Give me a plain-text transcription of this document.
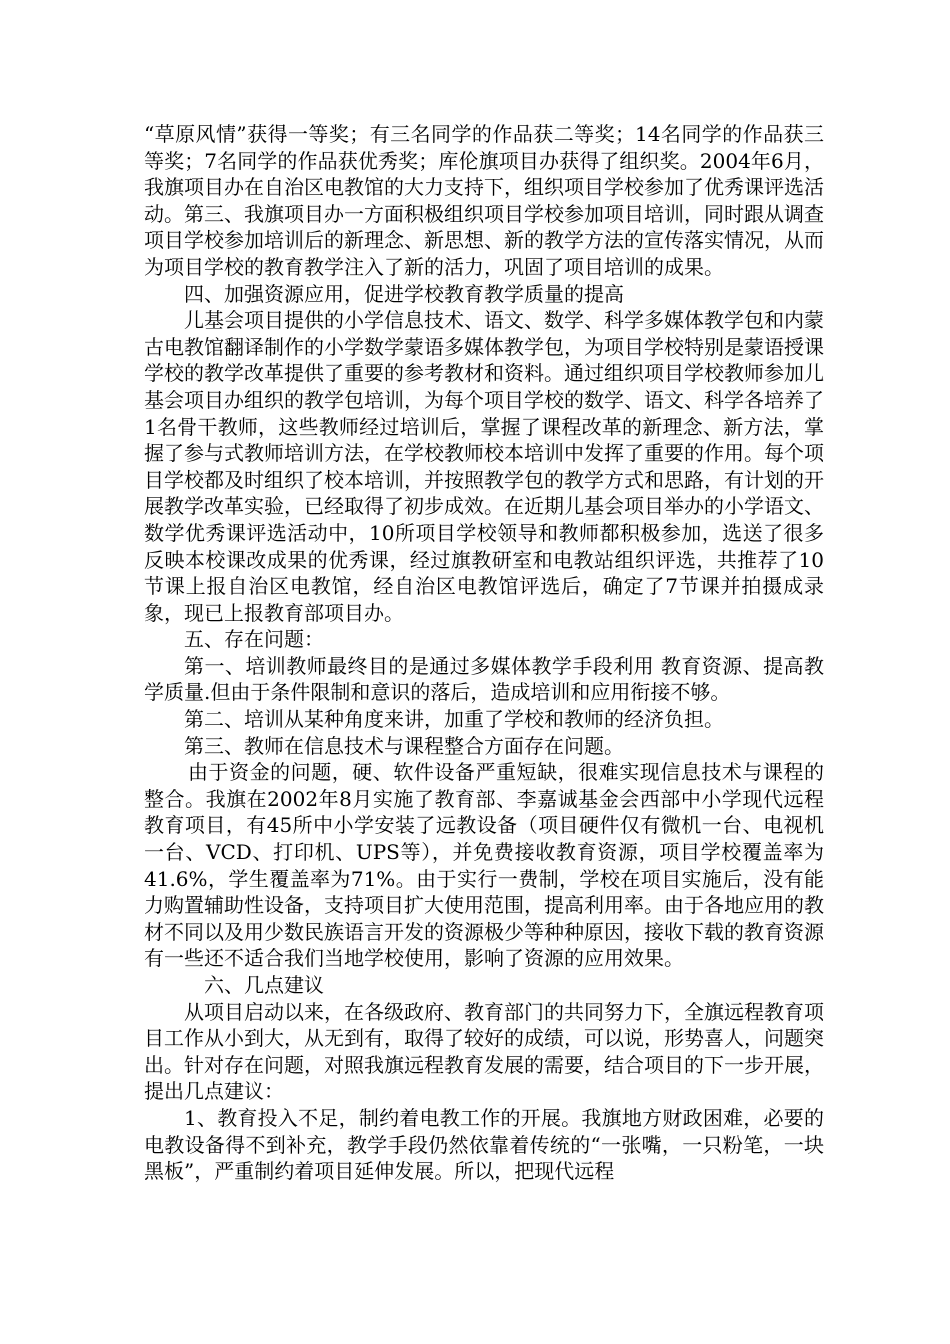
“草原风情”获得一等奖；有三名同学的作品获二等奖；14名同学的作品获三等奖；7名同学的作品获优秀奖；库伦旗项目办获得了组织奖。2004年6月，我旗项目办在自治区电教馆的大力支持下，组织项目学校参加了优秀课评选活动。第三、我旗项目办一方面积极组织项目学校参加项目培训，同时跟从调查项目学校参加培训后的新理念、新思想、新的教学方法的宣传落实情况，从而为项目学校的教育教学注入了新的活力，巩固了项目培训的成果。

四、加强资源应用，促进学校教育教学质量的提高

儿基会项目提供的小学信息技术、语文、数学、科学多媒体教学包和内蒙古电教馆翻译制作的小学数学蒙语多媒体教学包，为项目学校特别是蒙语授课学校的教学改革提供了重要的参考教材和资料。通过组织项目学校教师参加儿基会项目办组织的教学包培训，为每个项目学校的数学、语文、科学各培养了1名骨干教师，这些教师经过培训后，掌握了课程改革的新理念、新方法，掌握了参与式教师培训方法，在学校教师校本培训中发挥了重要的作用。每个项目学校都及时组织了校本培训，并按照教学包的教学方式和思路，有计划的开展教学改革实验，已经取得了初步成效。在近期儿基会项目举办的小学语文、数学优秀课评选活动中，10所项目学校领导和教师都积极参加，选送了很多反映本校课改成果的优秀课，经过旗教研室和电教站组织评选，共推荐了10节课上报自治区电教馆，经自治区电教馆评选后，确定了7节课并拍摄成录象，现已上报教育部项目办。

五、存在问题：

第一、培训教师最终目的是通过多媒体教学手段利用 教育资源、提高教学质量.但由于条件限制和意识的落后，造成培训和应用衔接不够。

第二、培训从某种角度来讲，加重了学校和教师的经济负担。

第三、教师在信息技术与课程整合方面存在问题。

由于资金的问题，硬、软件设备严重短缺，很难实现信息技术与课程的整合。我旗在2002年8月实施了教育部、李嘉诚基金会西部中小学现代远程教育项目，有45所中小学安装了远教设备（项目硬件仅有微机一台、电视机一台、VCD、打印机、UPS等），并免费接收教育资源，项目学校覆盖率为41.6%，学生覆盖率为71%。由于实行一费制，学校在项目实施后，没有能力购置辅助性设备，支持项目扩大使用范围，提高利用率。由于各地应用的教材不同以及用少数民族语言开发的资源极少等种种原因，接收下载的教育资源有一些还不适合我们当地学校使用，影响了资源的应用效果。

六、几点建议

从项目启动以来，在各级政府、教育部门的共同努力下，全旗远程教育项目工作从小到大，从无到有，取得了较好的成绩，可以说，形势喜人，问题突出。针对存在问题，对照我旗远程教育发展的需要，结合项目的下一步开展，提出几点建议：

1、教育投入不足，制约着电教工作的开展。我旗地方财政困难，必要的电教设备得不到补充，教学手段仍然依靠着传统的“一张嘴，一只粉笔，一块黑板”，严重制约着项目延伸发展。所以，把现代远程
